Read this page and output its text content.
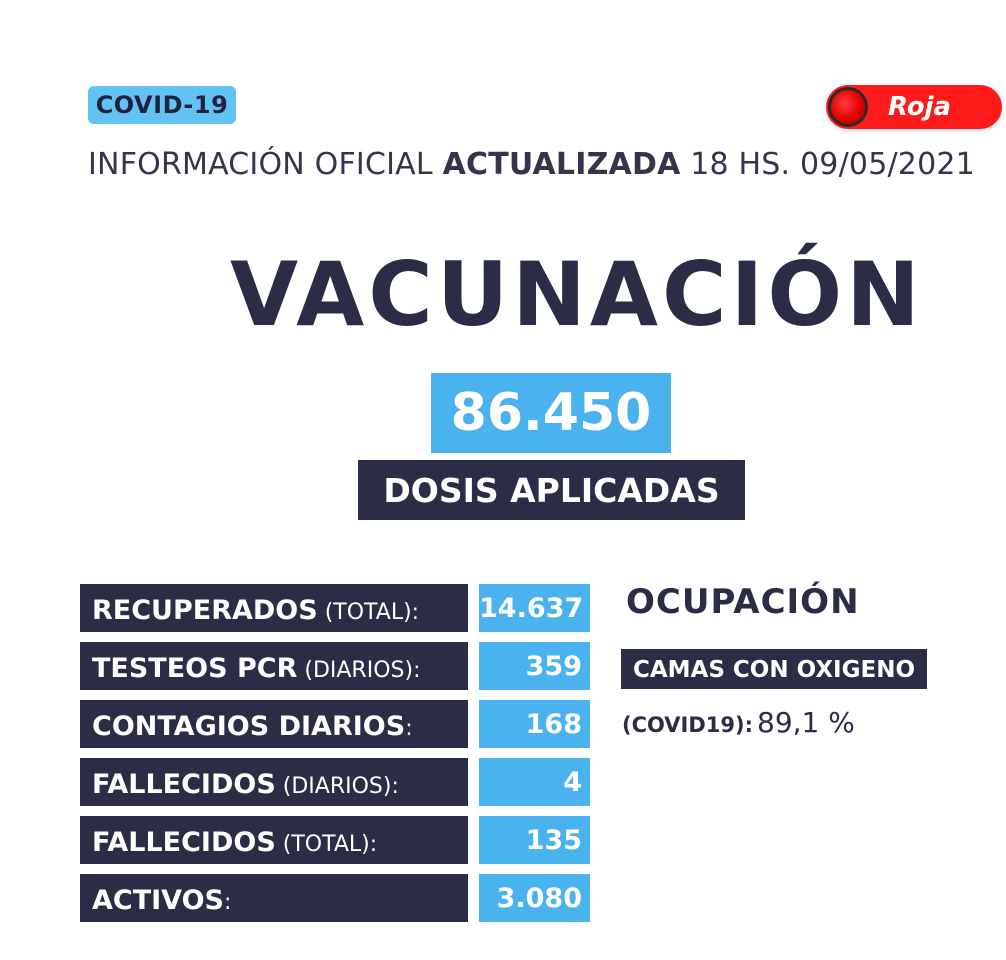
COVID-19	Roja
INFORMACIÓN OFICIAL ACTUALIZADA 18 HS. 09/05/2021
VACUNACIÓN
86.450
DOSIS APLICADAS
RECUPERADOS (TOTAL):	14.637
TESTEOS PCR (DIARIOS):	359
CONTAGIOS DIARIOS:	168
FALLECIDOS (DIARIOS):	4
FALLECIDOS (TOTAL):	135
ACTIVOS:	3.080
OCUPACIÓN
CAMAS CON OXIGENO
(COVID19): 89,1 %
